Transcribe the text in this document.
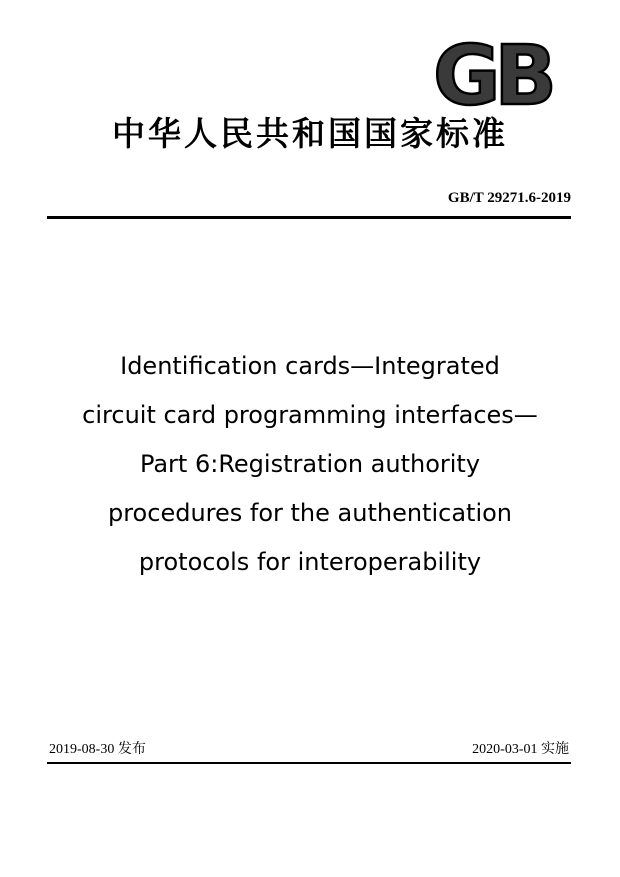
GB
中华人民共和国国家标准
GB/T 29271.6-2019
Identification cards—Integrated
circuit card programming interfaces—
Part 6:Registration authority
procedures for the authentication
protocols for interoperability
2019-08-30 发布	2020-03-01 实施
